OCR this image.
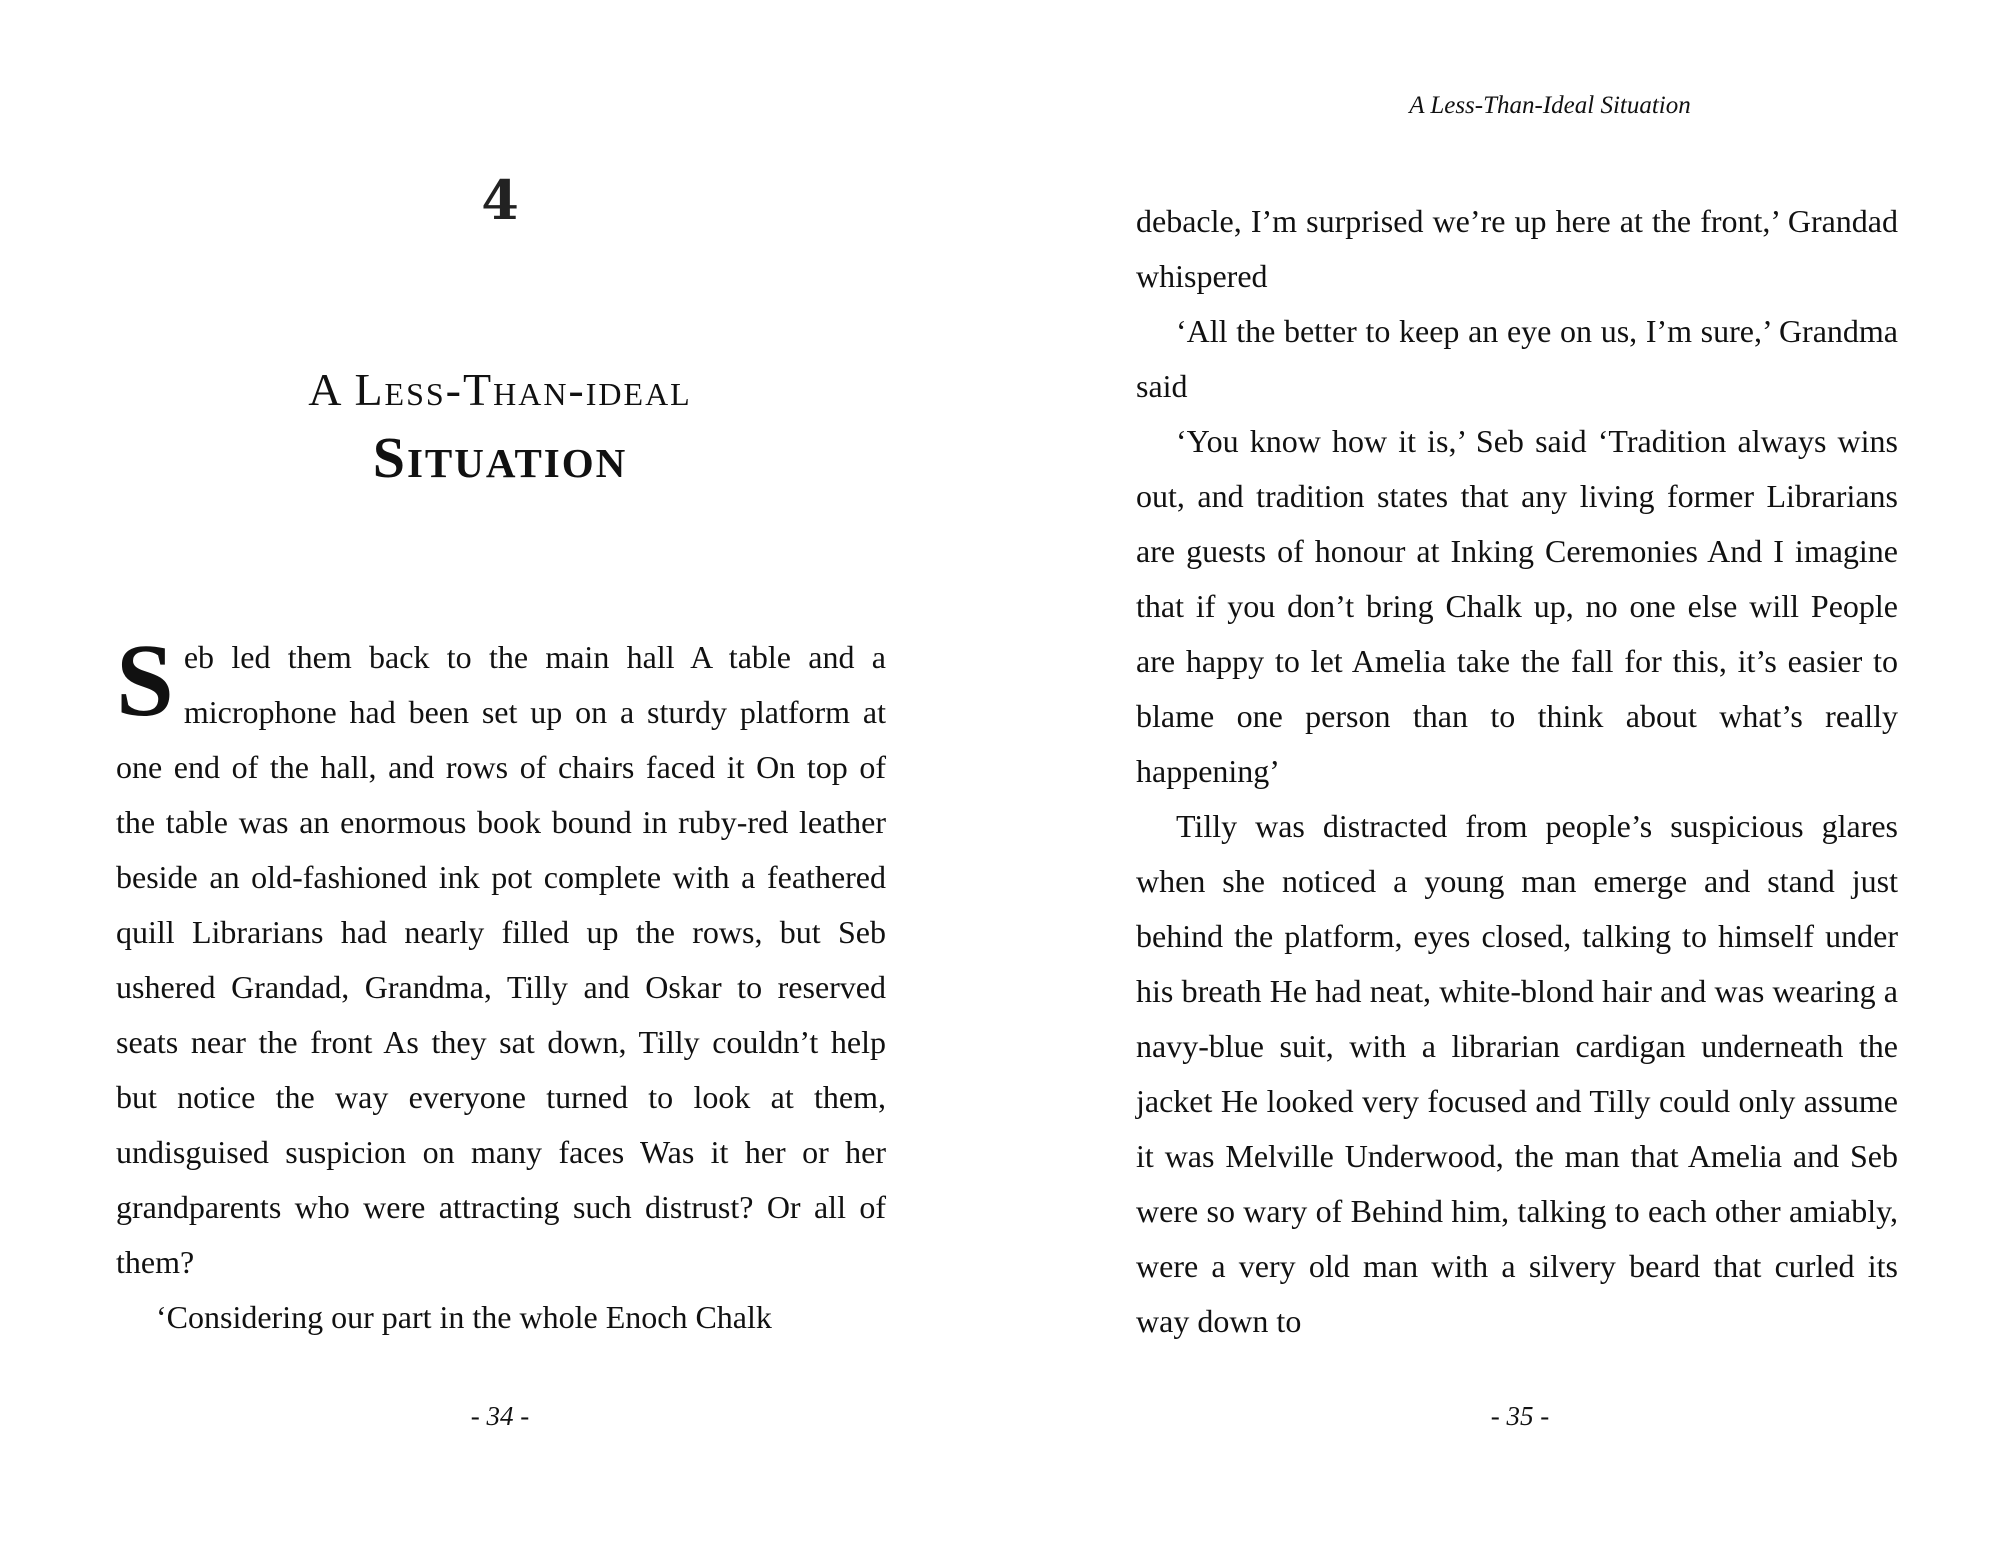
4
A Less-Than-ideal
Situation

Seb led them back to the main hall A table and a microphone had been set up on a sturdy platform at one end of the hall, and rows of chairs faced it On top of the table was an enormous book bound in ruby-red leather beside an old-fashioned ink pot complete with a feathered quill Librarians had nearly filled up the rows, but Seb ushered Grandad, Grandma, Tilly and Oskar to reserved seats near the front As they sat down, Tilly couldn’t help but notice the way everyone turned to look at them, undisguised suspicion on many faces Was it her or her grandparents who were attracting such distrust? Or all of them?

‘Considering our part in the whole Enoch Chalk

- 34 -
A Less-Than-Ideal Situation

debacle, I’m surprised we’re up here at the front,’ Grandad whispered

‘All the better to keep an eye on us, I’m sure,’ Grandma said

‘You know how it is,’ Seb said ‘Tradition always wins out, and tradition states that any living former Librarians are guests of honour at Inking Ceremonies And I imagine that if you don’t bring Chalk up, no one else will People are happy to let Amelia take the fall for this, it’s easier to blame one person than to think about what’s really happening’

Tilly was distracted from people’s suspicious glares when she noticed a young man emerge and stand just behind the platform, eyes closed, talking to himself under his breath He had neat, white-blond hair and was wearing a navy-blue suit, with a librarian cardigan underneath the jacket He looked very focused and Tilly could only assume it was Melville Underwood, the man that Amelia and Seb were so wary of Behind him, talking to each other amiably, were a very old man with a silvery beard that curled its way down to

- 35 -
